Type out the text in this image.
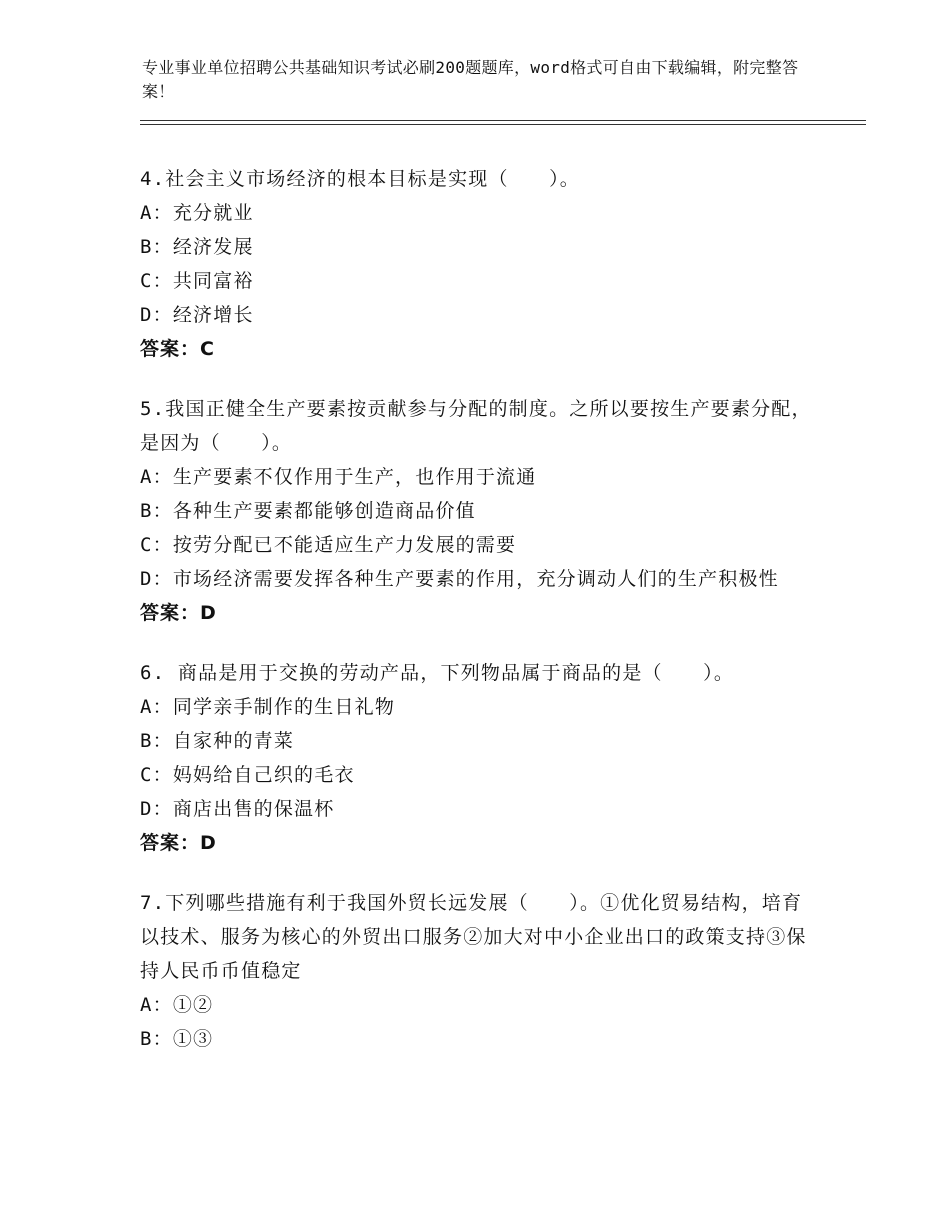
专业事业单位招聘公共基础知识考试必刷200题题库，word格式可自由下载编辑，附完整答案！
4.社会主义市场经济的根本目标是实现（　　）。
A：充分就业
B：经济发展
C：共同富裕
D：经济增长
答案：C
5.我国正健全生产要素按贡献参与分配的制度。之所以要按生产要素分配，是因为（　　）。
A：生产要素不仅作用于生产，也作用于流通
B：各种生产要素都能够创造商品价值
C：按劳分配已不能适应生产力发展的需要
D：市场经济需要发挥各种生产要素的作用，充分调动人们的生产积极性
答案：D
6. 商品是用于交换的劳动产品，下列物品属于商品的是（　　）。
A：同学亲手制作的生日礼物
B：自家种的青菜
C：妈妈给自己织的毛衣
D：商店出售的保温杯
答案：D
7.下列哪些措施有利于我国外贸长远发展（　　）。①优化贸易结构，培育以技术、服务为核心的外贸出口服务②加大对中小企业出口的政策支持③保持人民币币值稳定
A：①②
B：①③
